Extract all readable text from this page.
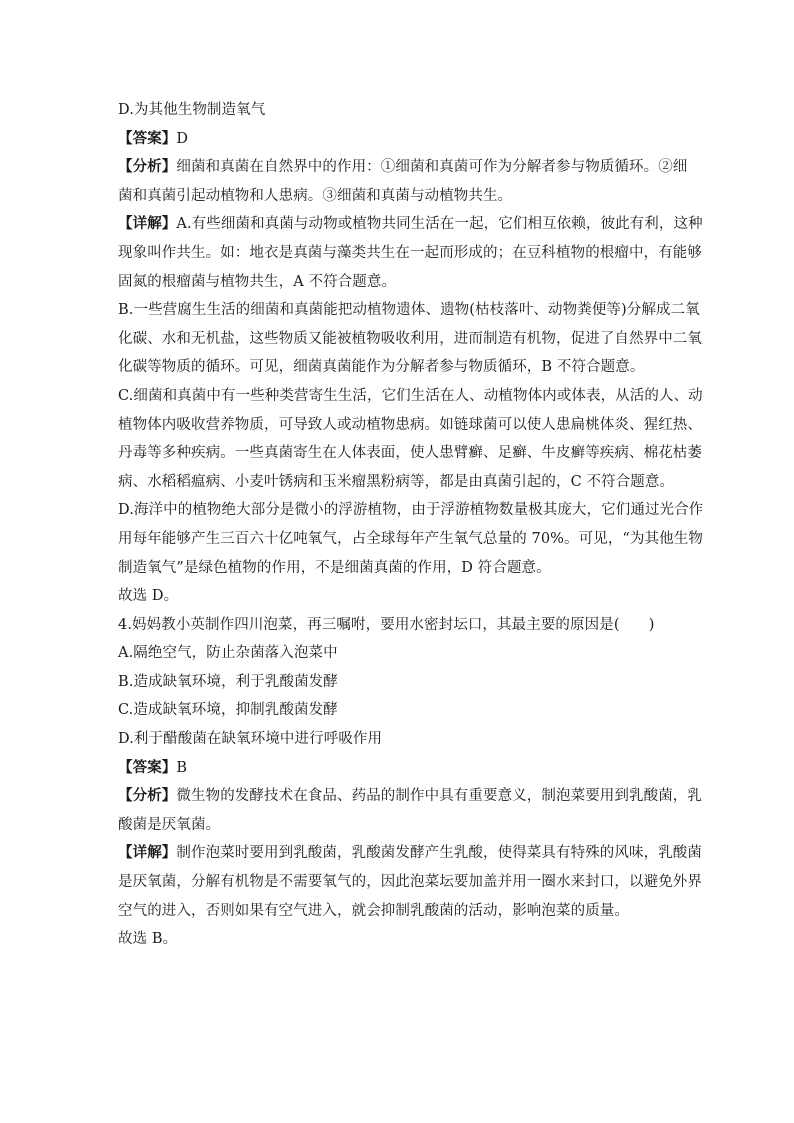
D.为其他生物制造氧气
【答案】D
【分析】细菌和真菌在自然界中的作用：①细菌和真菌可作为分解者参与物质循环。②细
菌和真菌引起动植物和人患病。③细菌和真菌与动植物共生。
【详解】A.有些细菌和真菌与动物或植物共同生活在一起，它们相互依赖，彼此有利，这种
现象叫作共生。如：地衣是真菌与藻类共生在一起而形成的；在豆科植物的根瘤中，有能够
固氮的根瘤菌与植物共生，A 不符合题意。
B.一些营腐生生活的细菌和真菌能把动植物遗体、遗物(枯枝落叶、动物粪便等)分解成二氧
化碳、水和无机盐，这些物质又能被植物吸收利用，进而制造有机物，促进了自然界中二氧
化碳等物质的循环。可见，细菌真菌能作为分解者参与物质循环，B 不符合题意。
C.细菌和真菌中有一些种类营寄生生活，它们生活在人、动植物体内或体表，从活的人、动
植物体内吸收营养物质，可导致人或动植物患病。如链球菌可以使人患扁桃体炎、猩红热、
丹毒等多种疾病。一些真菌寄生在人体表面，使人患臂癣、足癣、牛皮癣等疾病、棉花枯萎
病、水稻稻瘟病、小麦叶锈病和玉米瘤黑粉病等，都是由真菌引起的，C 不符合题意。
D.海洋中的植物绝大部分是微小的浮游植物，由于浮游植物数量极其庞大，它们通过光合作
用每年能够产生三百六十亿吨氧气，占全球每年产生氧气总量的 70%。可见，“为其他生物
制造氧气”是绿色植物的作用，不是细菌真菌的作用，D 符合题意。
故选 D。
4.妈妈教小英制作四川泡菜，再三嘱咐，要用水密封坛口，其最主要的原因是(　　)
A.隔绝空气，防止杂菌落入泡菜中
B.造成缺氧环境，利于乳酸菌发酵
C.造成缺氧环境，抑制乳酸菌发酵
D.利于醋酸菌在缺氧环境中进行呼吸作用
【答案】B
【分析】微生物的发酵技术在食品、药品的制作中具有重要意义，制泡菜要用到乳酸菌，乳
酸菌是厌氧菌。
【详解】制作泡菜时要用到乳酸菌，乳酸菌发酵产生乳酸，使得菜具有特殊的风味，乳酸菌
是厌氧菌，分解有机物是不需要氧气的，因此泡菜坛要加盖并用一圈水来封口，以避免外界
空气的进入，否则如果有空气进入，就会抑制乳酸菌的活动，影响泡菜的质量。
故选 B。
